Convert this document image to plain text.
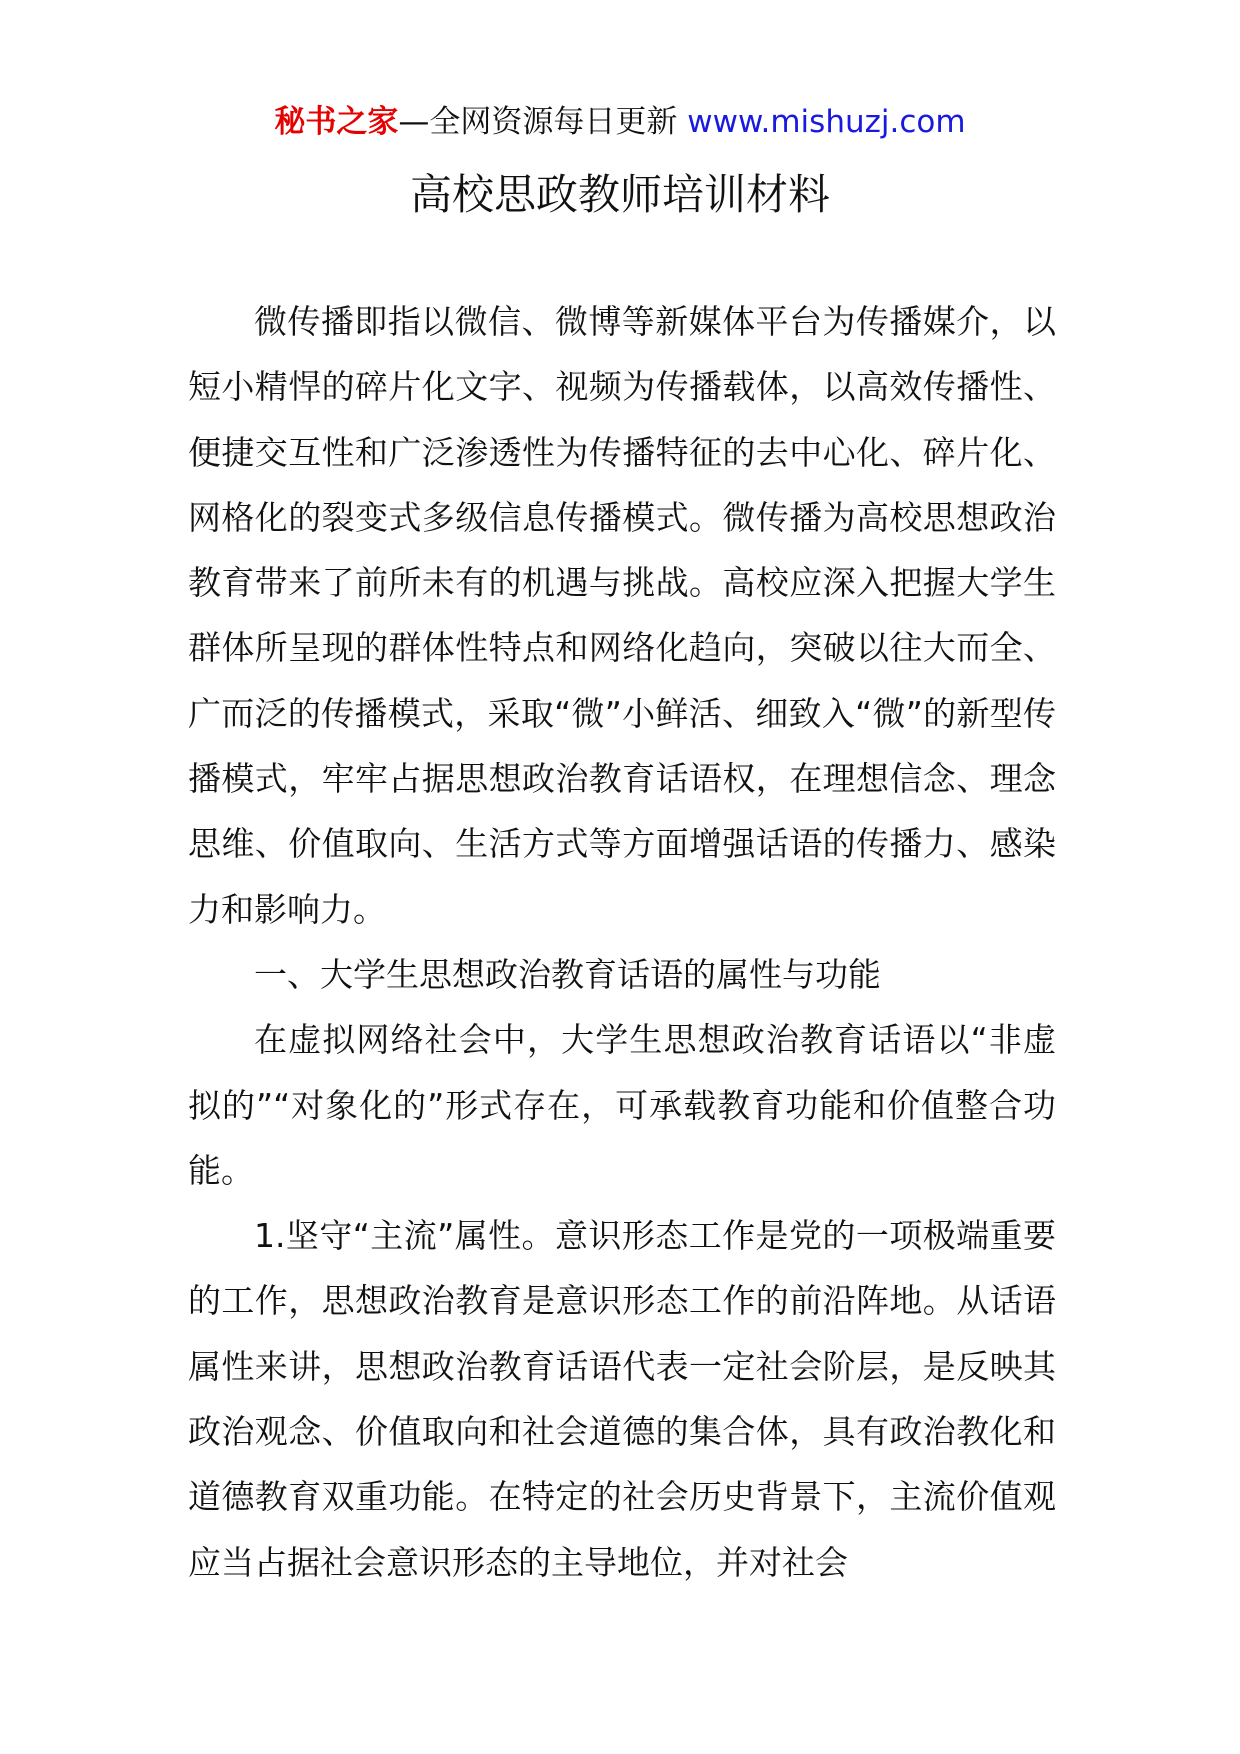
秘书之家—全网资源每日更新 www.mishuzj.com
高校思政教师培训材料

微传播即指以微信、微博等新媒体平台为传播媒介，以短小精悍的碎片化文字、视频为传播载体，以高效传播性、便捷交互性和广泛渗透性为传播特征的去中心化、碎片化、网格化的裂变式多级信息传播模式。微传播为高校思想政治教育带来了前所未有的机遇与挑战。高校应深入把握大学生群体所呈现的群体性特点和网络化趋向，突破以往大而全、广而泛的传播模式，采取“微”小鲜活、细致入“微”的新型传播模式，牢牢占据思想政治教育话语权，在理想信念、理念思维、价值取向、生活方式等方面增强话语的传播力、感染力和影响力。

一、大学生思想政治教育话语的属性与功能

在虚拟网络社会中，大学生思想政治教育话语以“非虚拟的”“对象化的”形式存在，可承载教育功能和价值整合功能。

1.坚守“主流”属性。意识形态工作是党的一项极端重要的工作，思想政治教育是意识形态工作的前沿阵地。从话语属性来讲，思想政治教育话语代表一定社会阶层，是反映其政治观念、价值取向和社会道德的集合体，具有政治教化和道德教育双重功能。在特定的社会历史背景下，主流价值观应当占据社会意识形态的主导地位，并对社会
